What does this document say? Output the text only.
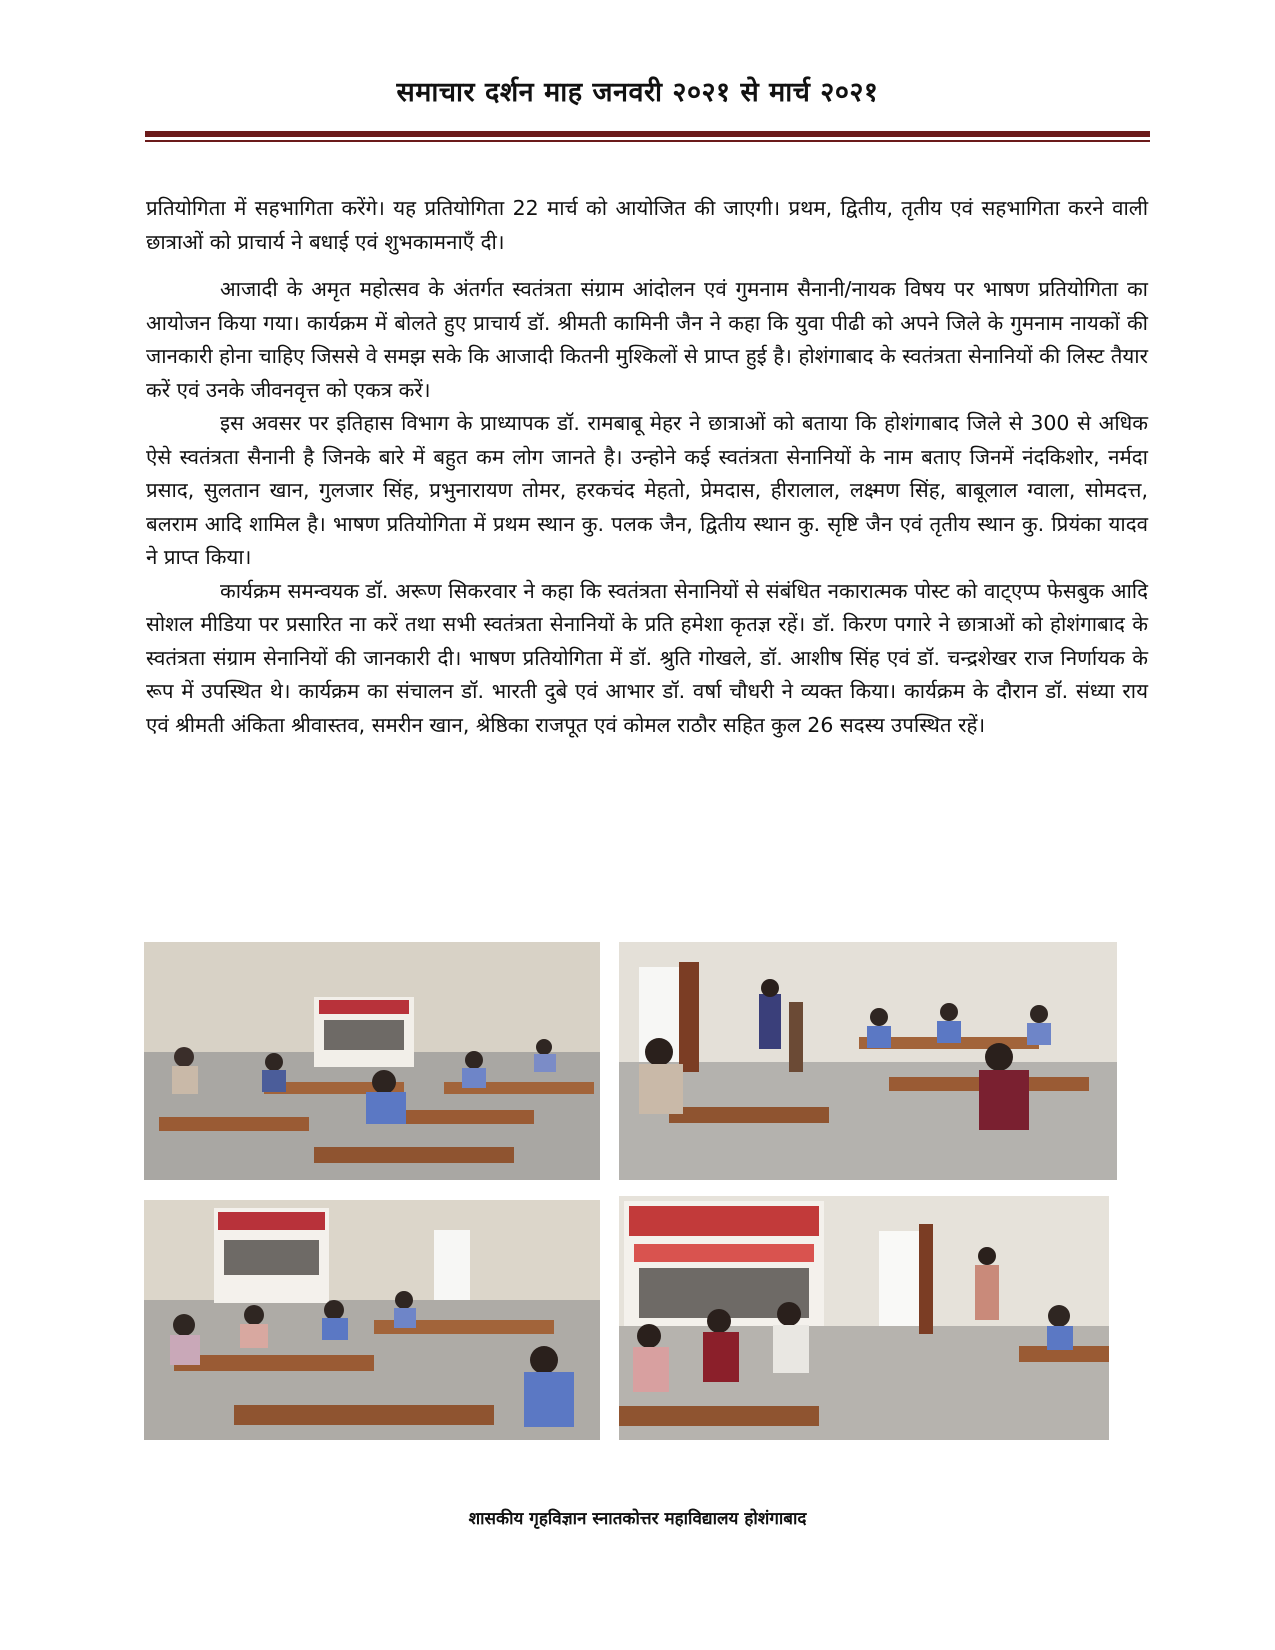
समाचार दर्शन माह जनवरी २०२१ से मार्च २०२१

प्रतियोगिता में सहभागिता करेंगे। यह प्रतियोगिता 22 मार्च को आयोजित की जाएगी। प्रथम, द्वितीय, तृतीय एवं सहभागिता करने वाली छात्राओं को प्राचार्य ने बधाई एवं शुभकामनाएँ दी।

आजादी के अमृत महोत्सव के अंतर्गत स्वतंत्रता संग्राम आंदोलन एवं गुमनाम सैनानी/नायक विषय पर भाषण प्रतियोगिता का आयोजन किया गया। कार्यक्रम में बोलते हुए प्राचार्य डॉ. श्रीमती कामिनी जैन ने कहा कि युवा पीढी को अपने जिले के गुमनाम नायकों की जानकारी होना चाहिए जिससे वे समझ सके कि आजादी कितनी मुश्किलों से प्राप्त हुई है। होशंगाबाद के स्वतंत्रता सेनानियों की लिस्ट तैयार करें एवं उनके जीवनवृत्त को एकत्र करें।

इस अवसर पर इतिहास विभाग के प्राध्यापक डॉ. रामबाबू मेहर ने छात्राओं को बताया कि होशंगाबाद जिले से 300 से अधिक ऐसे स्वतंत्रता सैनानी है जिनके बारे में बहुत कम लोग जानते है। उन्होने कई स्वतंत्रता सेनानियों के नाम बताए जिनमें नंदकिशोर, नर्मदा प्रसाद, सुलतान खान, गुलजार सिंह, प्रभुनारायण तोमर, हरकचंद मेहतो, प्रेमदास, हीरालाल, लक्ष्मण सिंह, बाबूलाल ग्वाला, सोमदत्त, बलराम आदि शामिल है। भाषण प्रतियोगिता में प्रथम स्थान कु. पलक जैन, द्वितीय स्थान कु. सृष्टि जैन एवं तृतीय स्थान कु. प्रियंका यादव ने प्राप्त किया।

कार्यक्रम समन्वयक डॉ. अरूण सिकरवार ने कहा कि स्वतंत्रता सेनानियों से संबंधित नकारात्मक पोस्ट को वाट्एप्प फेसबुक आदि सोशल मीडिया पर प्रसारित ना करें तथा सभी स्वतंत्रता सेनानियों के प्रति हमेशा कृतज्ञ रहें। डॉ. किरण पगारे ने छात्राओं को होशंगाबाद के स्वतंत्रता संग्राम सेनानियों की जानकारी दी। भाषण प्रतियोगिता में डॉ. श्रुति गोखले, डॉ. आशीष सिंह एवं डॉ. चन्द्रशेखर राज निर्णायक के रूप में उपस्थित थे। कार्यक्रम का संचालन डॉ. भारती दुबे एवं आभार डॉ. वर्षा चौधरी ने व्यक्त किया। कार्यक्रम के दौरान डॉ. संध्या राय एवं श्रीमती अंकिता श्रीवास्तव, समरीन खान, श्रेष्ठिका राजपूत एवं कोमल राठौर सहित कुल 26 सदस्य उपस्थित रहें।

शासकीय गृहविज्ञान स्नातकोत्तर महाविद्यालय होशंगाबाद
